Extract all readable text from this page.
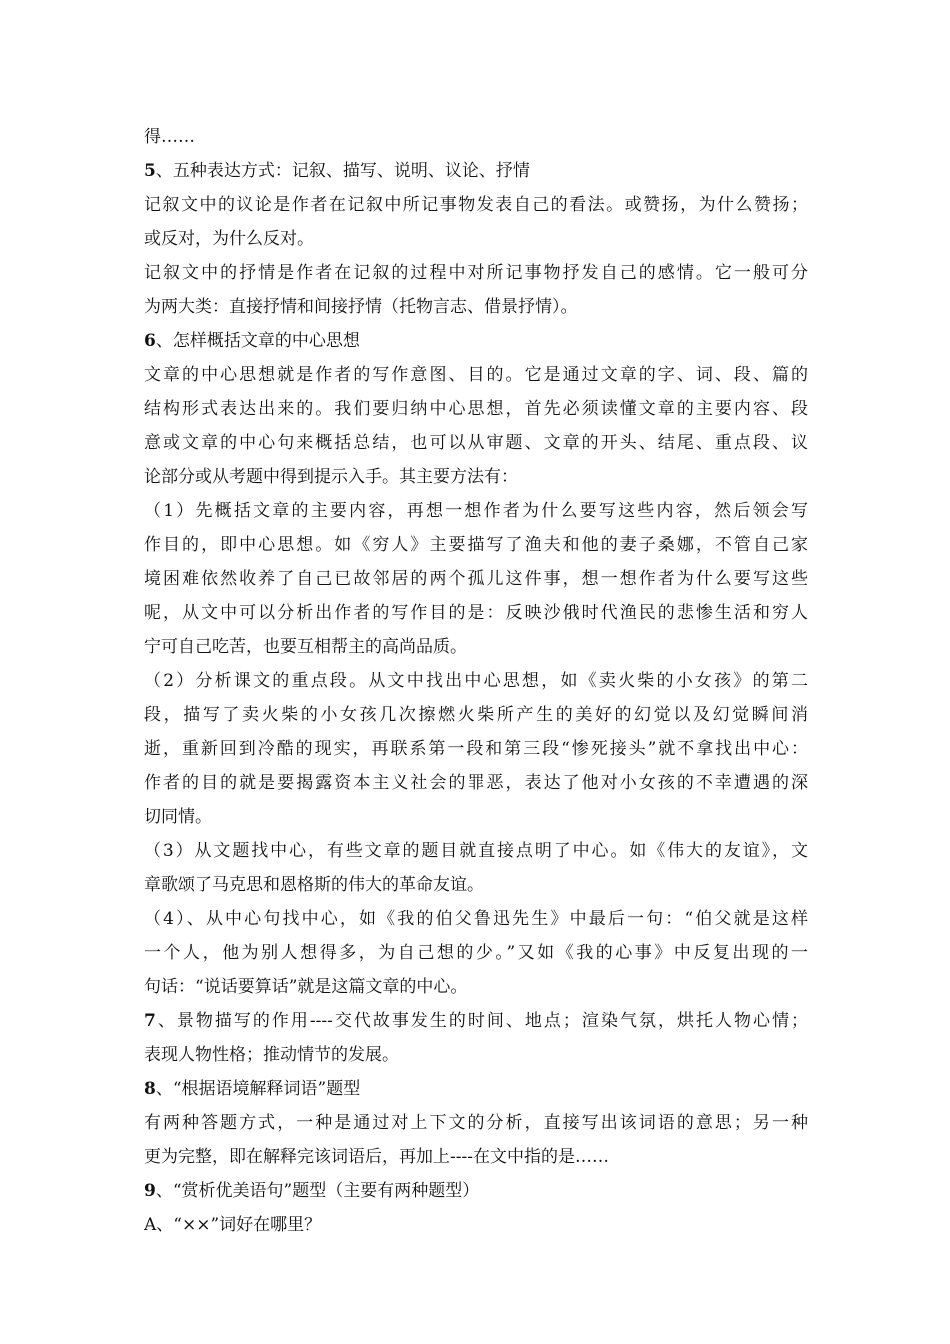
得……
5、五种表达方式：记叙、描写、说明、议论、抒情
记叙文中的议论是作者在记叙中所记事物发表自己的看法。或赞扬，为什么赞扬；
或反对，为什么反对。
记叙文中的抒情是作者在记叙的过程中对所记事物抒发自己的感情。它一般可分
为两大类：直接抒情和间接抒情（托物言志、借景抒情）。
6、怎样概括文章的中心思想
文章的中心思想就是作者的写作意图、目的。它是通过文章的字、词、段、篇的
结构形式表达出来的。我们要归纳中心思想，首先必须读懂文章的主要内容、段
意或文章的中心句来概括总结，也可以从审题、文章的开头、结尾、重点段、议
论部分或从考题中得到提示入手。其主要方法有：
（1）先概括文章的主要内容，再想一想作者为什么要写这些内容，然后领会写
作目的，即中心思想。如《穷人》主要描写了渔夫和他的妻子桑娜，不管自己家
境困难依然收养了自己已故邻居的两个孤儿这件事，想一想作者为什么要写这些
呢，从文中可以分析出作者的写作目的是：反映沙俄时代渔民的悲惨生活和穷人
宁可自己吃苦，也要互相帮主的高尚品质。
（2）分析课文的重点段。从文中找出中心思想，如《卖火柴的小女孩》的第二
段，描写了卖火柴的小女孩几次擦燃火柴所产生的美好的幻觉以及幻觉瞬间消
逝，重新回到冷酷的现实，再联系第一段和第三段“惨死接头”就不拿找出中心：
作者的目的就是要揭露资本主义社会的罪恶，表达了他对小女孩的不幸遭遇的深
切同情。
（3）从文题找中心，有些文章的题目就直接点明了中心。如《伟大的友谊》，文
章歌颂了马克思和恩格斯的伟大的革命友谊。
（4）、从中心句找中心，如《我的伯父鲁迅先生》中最后一句：“伯父就是这样
一个人，他为别人想得多，为自己想的少。”又如《我的心事》中反复出现的一
句话：“说话要算话”就是这篇文章的中心。
7、景物描写的作用----交代故事发生的时间、地点；渲染气氛，烘托人物心情；
表现人物性格；推动情节的发展。
8、“根据语境解释词语”题型
有两种答题方式，一种是通过对上下文的分析，直接写出该词语的意思；另一种
更为完整，即在解释完该词语后，再加上----在文中指的是……
9、“赏析优美语句”题型（主要有两种题型）
A、“××”词好在哪里？
